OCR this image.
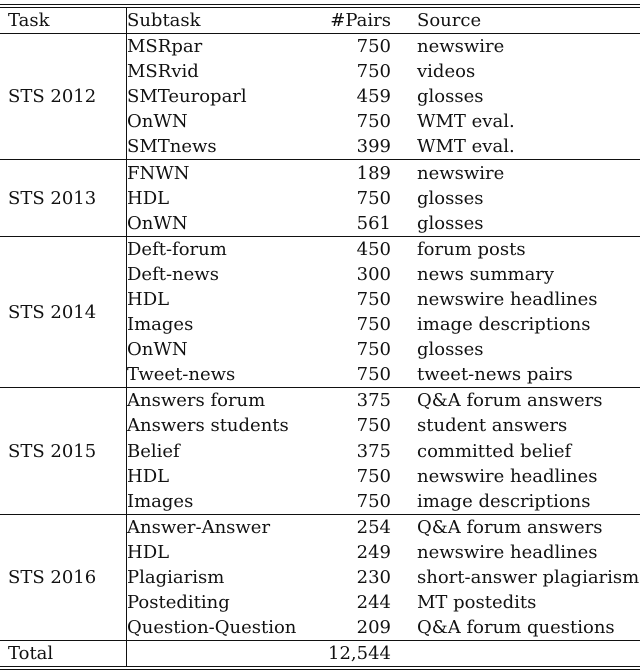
Task	Subtask	#Pairs	Source
STS 2012	MSRpar	750	newswire
	MSRvid	750	videos
	SMTeuroparl	459	glosses
	OnWN	750	WMT eval.
	SMTnews	399	WMT eval.
STS 2013	FNWN	189	newswire
	HDL	750	glosses
	OnWN	561	glosses
STS 2014	Deft-forum	450	forum posts
	Deft-news	300	news summary
	HDL	750	newswire headlines
	Images	750	image descriptions
	OnWN	750	glosses
	Tweet-news	750	tweet-news pairs
STS 2015	Answers forum	375	Q&A forum answers
	Answers students	750	student answers
	Belief	375	committed belief
	HDL	750	newswire headlines
	Images	750	image descriptions
STS 2016	Answer-Answer	254	Q&A forum answers
	HDL	249	newswire headlines
	Plagiarism	230	short-answer plagiarism
	Postediting	244	MT postedits
	Question-Question	209	Q&A forum questions
Total		12,544	
